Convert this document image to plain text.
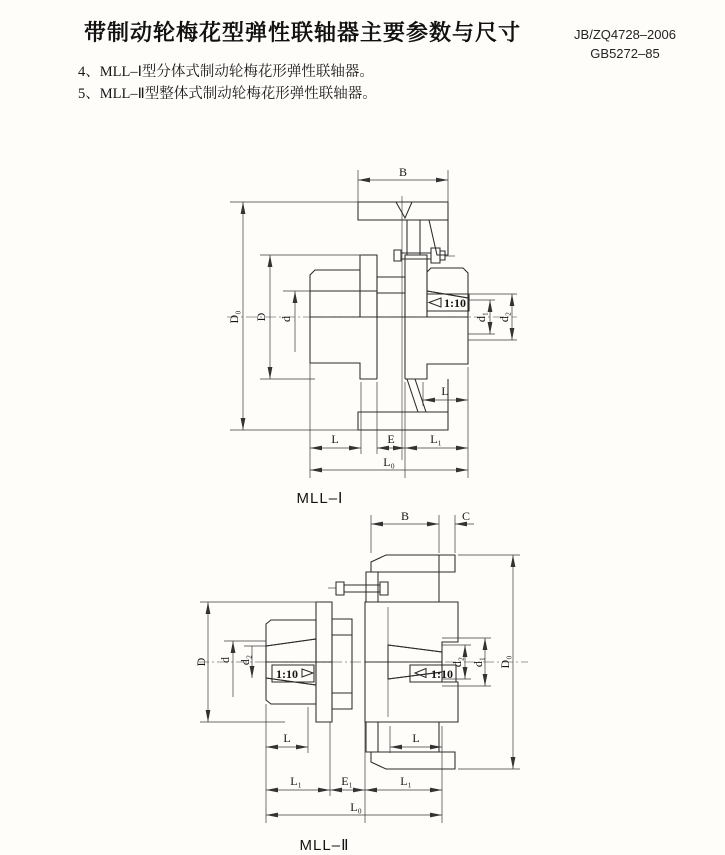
带制动轮梅花型弹性联轴器主要参数与尺寸	JB/ZQ4728–2006
GB5272–85
4、MLL–Ⅰ型分体式制动轮梅花形弹性联轴器。
5、MLL–Ⅱ型整体式制动轮梅花形弹性联轴器。
1:10
B
D₀ D d	d₁ d₂
L
L	E	L₁
L₀
MLL–Ⅰ
1:10	1:10
B	C
D d d₂	d₂ d₁ D₀
L	L
L₁	E₁	L₁
L₀
MLL–Ⅱ
